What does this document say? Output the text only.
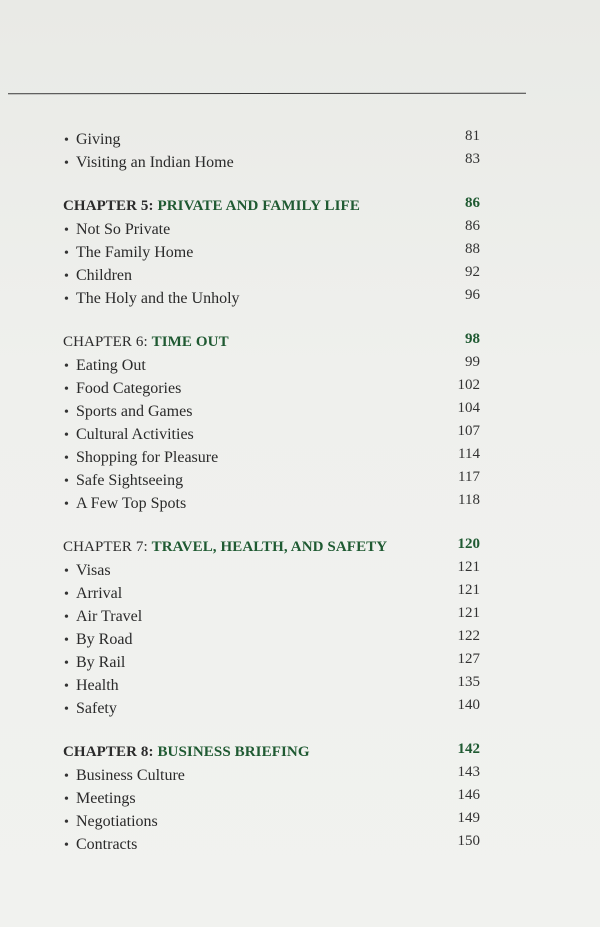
• Giving	81
• Visiting an Indian Home	83
CHAPTER 5: PRIVATE AND FAMILY LIFE	86
• Not So Private	86
• The Family Home	88
• Children	92
• The Holy and the Unholy	96
CHAPTER 6: TIME OUT	98
• Eating Out	99
• Food Categories	102
• Sports and Games	104
• Cultural Activities	107
• Shopping for Pleasure	114
• Safe Sightseeing	117
• A Few Top Spots	118
CHAPTER 7: TRAVEL, HEALTH, AND SAFETY	120
• Visas	121
• Arrival	121
• Air Travel	121
• By Road	122
• By Rail	127
• Health	135
• Safety	140
CHAPTER 8: BUSINESS BRIEFING	142
• Business Culture	143
• Meetings	146
• Negotiations	149
• Contracts	150
